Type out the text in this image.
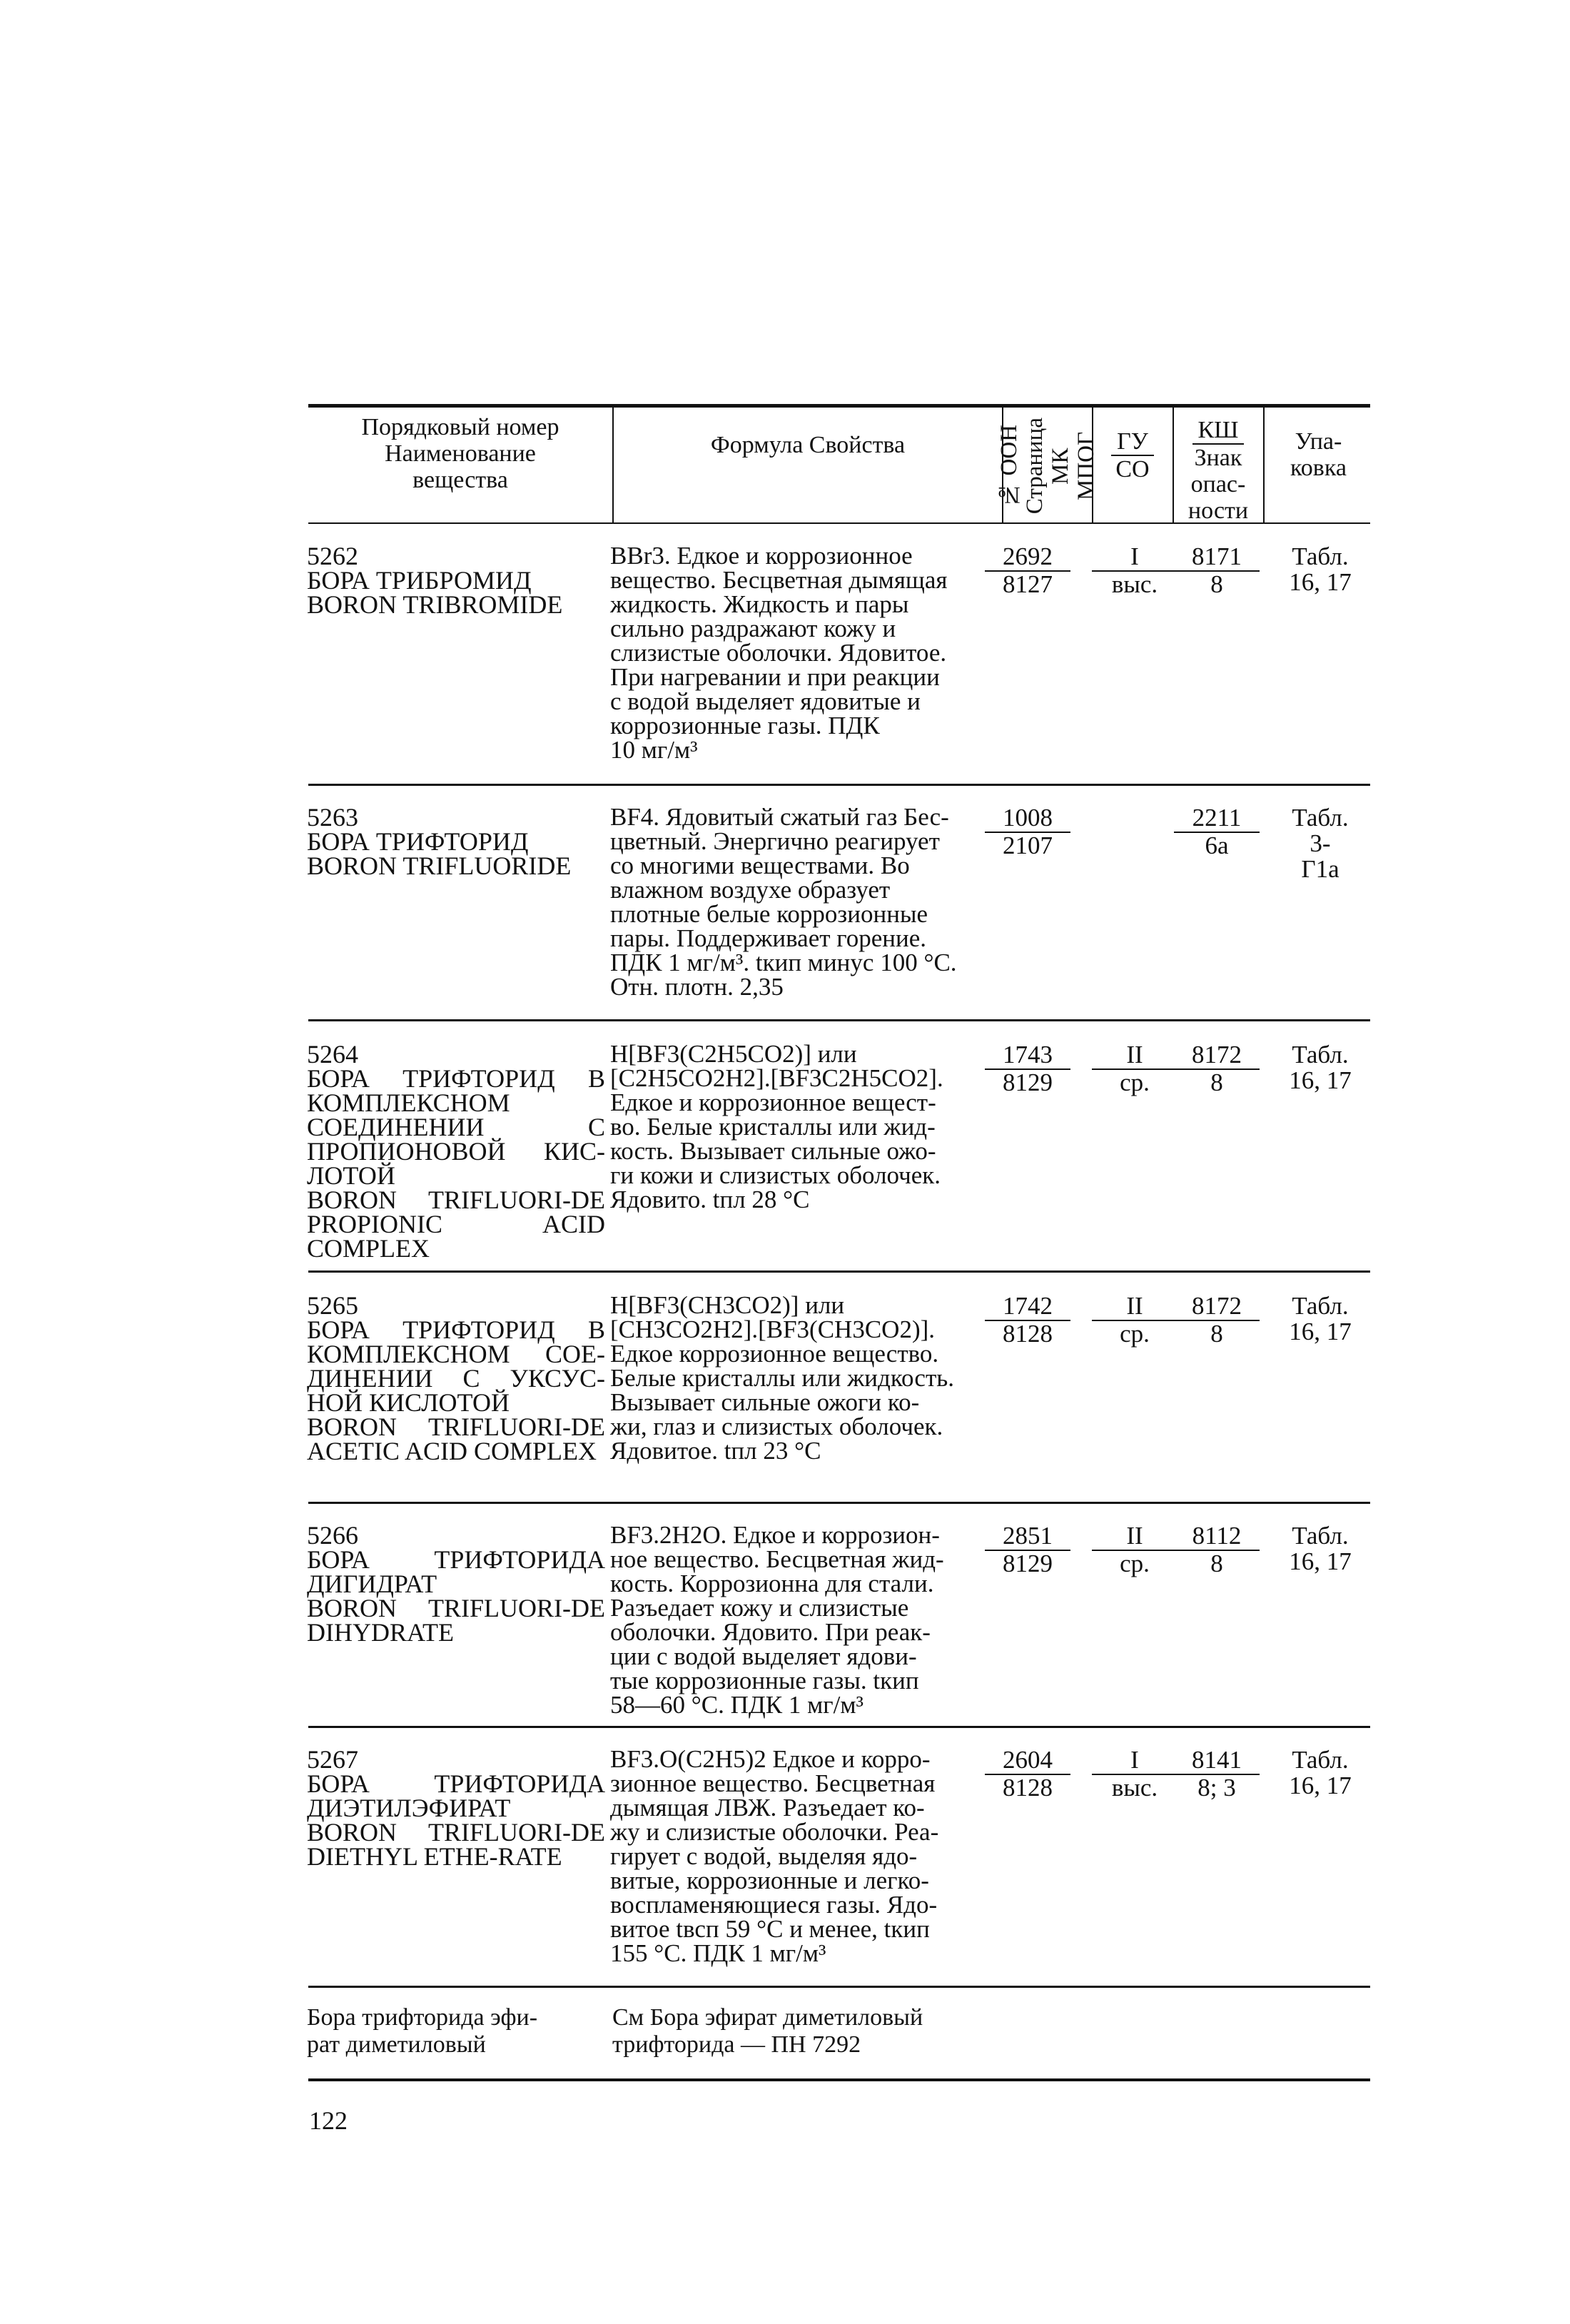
Порядковый номер
Наименование
вещества
Формула Свойства	№ ООН Страница МК МПОГ ГУ
СО
КШ
Знак
опас-
ности
Упа-
ковка
5262
БОРА ТРИБРОМИД
BORON TRIBROMIDE
BBr3. Едкое и коррозионное
вещество. Бесцветная дымящая
жидкость. Жидкость и пары
сильно раздражают кожу и
слизистые оболочки. Ядовитое.
При нагревании и при реакции
с водой выделяет ядовитые и
коррозионные газы. ПДК
10 мг/м³
2692
8127
I
выс.
8171
8
Табл.
16, 17
5263
БОРА ТРИФТОРИД
BORON TRIFLUORIDE
BF4. Ядовитый сжатый газ Бес-
цветный. Энергично реагирует
со многими веществами. Во
влажном воздухе образует
плотные белые коррозионные
пары. Поддерживает горение.
ПДК 1 мг/м³. tкип минус 100 °С.
Отн. плотн. 2,35
1008
2107
2211
6а
Табл.
3-
Г1а
5264
БОРА ТРИФТОРИД В КОМПЛЕКСНОМ СОЕДИНЕНИИ С ПРОПИОНОВОЙ КИС-ЛОТОЙ
BORON TRIFLUORI-DE PROPIONIC ACID COMPLEX
H[BF3(C2H5CO2)] или
[C2H5CO2H2].[BF3C2H5CO2].
Едкое и коррозионное вещест-
во. Белые кристаллы или жид-
кость. Вызывает сильные ожо-
ги кожи и слизистых оболочек.
Ядовито. tпл 28 °С
1743
8129
II
ср.
8172
8
Табл.
16, 17
5265
БОРА ТРИФТОРИД В КОМПЛЕКСНОМ СОЕ-ДИНЕНИИ С УКСУС-НОЙ КИСЛОТОЙ
BORON TRIFLUORI-DE ACETIC ACID COMPLEX
H[BF3(CH3CO2)] или
[CH3CO2H2].[BF3(CH3CO2)].
Едкое коррозионное вещество.
Белые кристаллы или жидкость.
Вызывает сильные ожоги ко-
жи, глаз и слизистых оболочек.
Ядовитое. tпл 23 °С
1742
8128
II
ср.
8172
8
Табл.
16, 17
5266
БОРА ТРИФТОРИДА ДИГИДРАТ
BORON TRIFLUORI-DE DIHYDRATE
BF3.2H2O. Едкое и коррозион-
ное вещество. Бесцветная жид-
кость. Коррозионна для стали.
Разъедает кожу и слизистые
оболочки. Ядовито. При реак-
ции с водой выделяет ядови-
тые коррозионные газы. tкип
58—60 °С. ПДК 1 мг/м³
2851
8129
II
ср.
8112
8
Табл.
16, 17
5267
БОРА ТРИФТОРИДА ДИЭТИЛЭФИРАТ
BORON TRIFLUORI-DE DIETHYL ETHE-RATE
BF3.O(C2H5)2 Едкое и корро-
зионное вещество. Бесцветная
дымящая ЛВЖ. Разъедает ко-
жу и слизистые оболочки. Реа-
гирует с водой, выделяя ядо-
витые, коррозионные и легко-
воспламеняющиеся газы. Ядо-
витое tвсп 59 °С и менее, tкип
155 °С. ПДК 1 мг/м³
2604
8128
I
выс.
8141
8; 3
Табл.
16, 17
Бора трифторида эфи-
рат диметиловый
См Бора эфират диметиловый
трифторида — ПН 7292
122
